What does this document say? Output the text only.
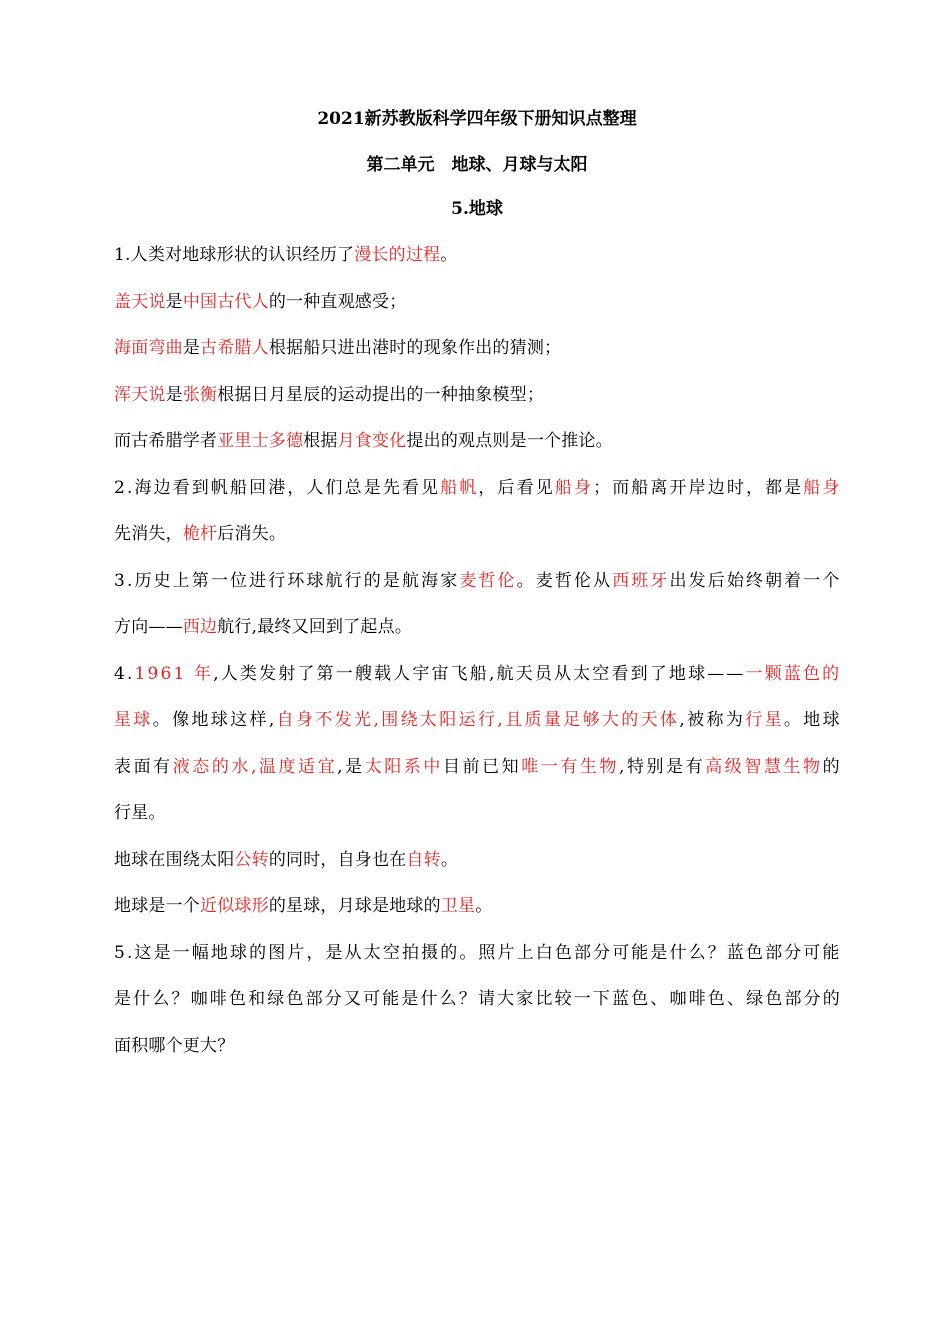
2021新苏教版科学四年级下册知识点整理
第二单元　地球、月球与太阳
5.地球
1.人类对地球形状的认识经历了漫长的过程。
盖天说是中国古代人的一种直观感受；
海面弯曲是古希腊人根据船只进出港时的现象作出的猜测；
浑天说是张衡根据日月星辰的运动提出的一种抽象模型；
而古希腊学者亚里士多德根据月食变化提出的观点则是一个推论。
2 . 海 边 看 到 帆 船 回 港 ， 人 们 总 是 先 看 见 船 帆 ， 后 看 见 船 身 ； 而 船 离 开 岸 边 时 ， 都 是 船 身
先消失，桅杆后消失。
3 . 历 史 上 第 一 位 进 行 环 球 航 行 的 是 航 海 家 麦 哲 伦 。 麦 哲 伦 从 西 班 牙 出 发 后 始 终 朝 着 一 个
方向——西边航行,最终又回到了起点。
4 . 1 9 6 1
年 , 人 类 发 射 了 第 一 艘 载 人 宇 宙 飞 船 , 航 天 员 从 太 空 看 到 了 地 球 — — 一 颗 蓝 色 的
星 球 。 像 地 球 这 样 , 自 身 不 发 光 , 围 绕 太 阳 运 行 , 且 质 量 足 够 大 的 天 体 , 被 称 为 行 星 。 地 球
表 面 有 液 态 的 水 , 温 度 适 宜 , 是 太 阳 系 中 目 前 已 知 唯 一 有 生 物 , 特 别 是 有 高 级 智 慧 生 物 的
行星。
地球在围绕太阳公转的同时，自身也在自转。
地球是一个近似球形的星球，月球是地球的卫星。
5 . 这 是 一 幅 地 球 的 图 片 ， 是 从 太 空 拍 摄 的 。 照 片 上 白 色 部 分 可 能 是 什 么 ？ 蓝 色 部 分 可 能
是 什 么 ？ 咖 啡 色 和 绿 色 部 分 又 可 能 是 什 么 ？ 请 大 家 比 较 一 下 蓝 色 、 咖 啡 色 、 绿 色 部 分 的
面积哪个更大？
